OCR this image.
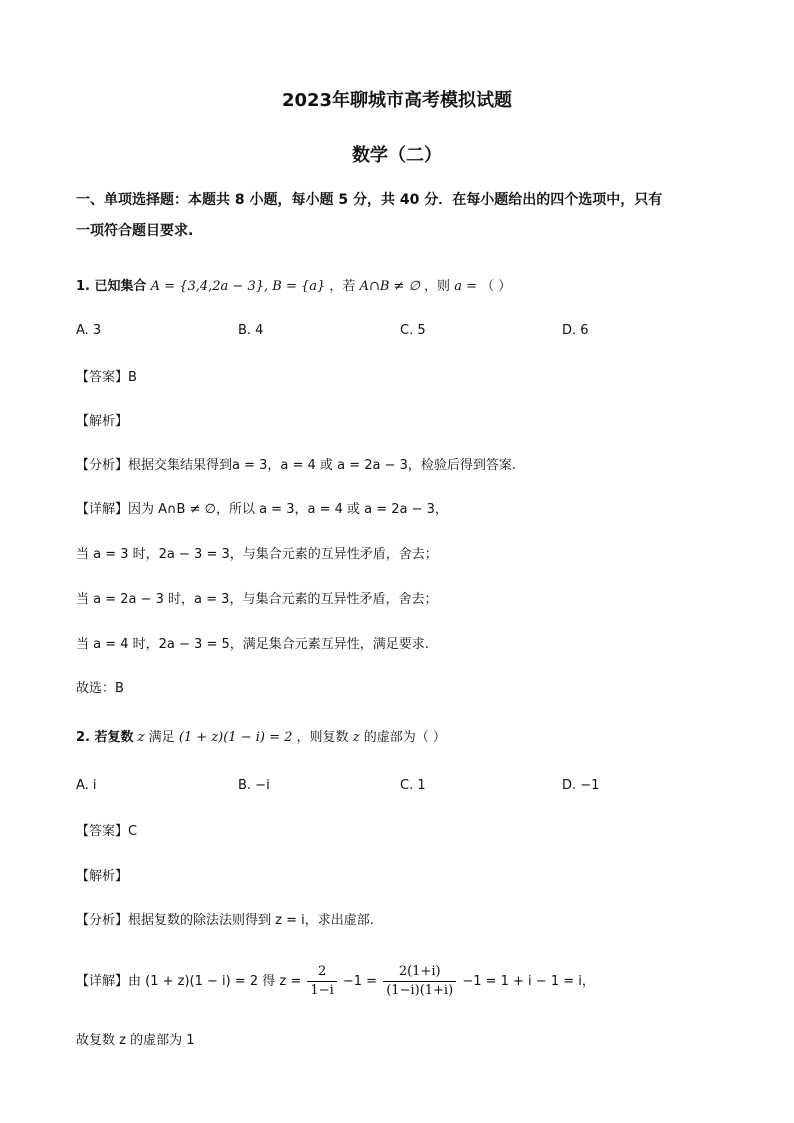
2023年聊城市高考模拟试题
数学（二）
一、单项选择题：本题共 8 小题，每小题 5 分，共 40 分．在每小题给出的四个选项中，只有
一项符合题目要求.
1. 已知集合 A = {3,4,2a − 3}, B = {a} ，若 A∩B ≠ ∅ ，则 a = （ ）
A. 3	B. 4	C. 5	D. 6
【答案】B
【解析】
【分析】根据交集结果得到a = 3，a = 4 或 a = 2a − 3，检验后得到答案.
【详解】因为 A∩B ≠ ∅，所以 a = 3，a = 4 或 a = 2a − 3，
当 a = 3 时，2a − 3 = 3，与集合元素的互异性矛盾，舍去；
当 a = 2a − 3 时，a = 3，与集合元素的互异性矛盾，舍去；
当 a = 4 时，2a − 3 = 5，满足集合元素互异性，满足要求.
故选：B
2. 若复数 z 满足 (1 + z)(1 − i) = 2 ，则复数 z 的虚部为（ ）
A. i	B. −i	C. 1	D. −1
【答案】C
【解析】
【分析】根据复数的除法法则得到 z = i，求出虚部.
【详解】由 (1 + z)(1 − i) = 2 得 $z = \frac{2}{1-i} -1 = \frac{2(1+i)}{(1-i)(1+i)} -1 = 1 + i - 1 = i$，
故复数 z 的虚部为 1
